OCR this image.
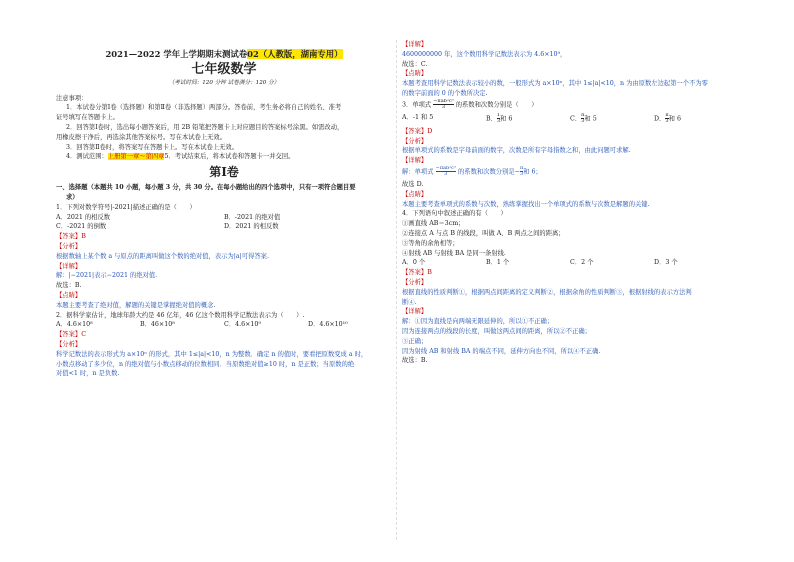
2021—2022 学年上学期期末测试卷02（人教版，湖南专用）
七年级数学
（考试时间：120 分钟 试卷满分：120 分）
注意事项：
1．本试卷分第Ⅰ卷（选择题）和第Ⅱ卷（非选择题）两部分。答卷前，考生务必将自己的姓名、准考
证号填写在答题卡上。
2．回答第Ⅰ卷时，选出每小题答案后，用 2B 铅笔把答题卡上对应题目的答案标号涂黑。如需改动，
用橡皮擦干净后，再选涂其他答案标号。写在本试卷上无效。
3．回答第Ⅱ卷时，将答案写在答题卡上。写在本试卷上无效。
4．测试范围：上册第一章～第四章5．考试结束后，将本试卷和答题卡一并交回。
第Ⅰ卷
一、选择题（本题共 10 小题，每小题 3 分，共 30 分。在每小题给出的四个选项中，只有一项符合题目要
求）
1．下列对数学符号|-2021|描述正确的是（　　）
A．2021 的相反数	B．-2021 的绝对值
C．-2021 的倒数	D．2021 的相反数
【答案】B
【分析】
根据数轴上某个数 a 与原点的距离叫做这个数的绝对值，表示为|a|可得答案.
【详解】
解：|−2021|表示−2021 的绝对值.
故选：B.
【点睛】
本题主要考查了绝对值，解题的关键是掌握绝对值的概念.
2．据科学家估计，地球年龄大约是 46 亿年，46 亿这个数用科学记数法表示为（　　）.
A．4.6×10⁸	B．46×10⁸	C．4.6×10⁹	D．4.6×10¹⁰
【答案】C
【分析】
科学记数法的表示形式为 a×10ⁿ 的形式，其中 1≤|a|<10，n 为整数．确定 n 的值时，要看把原数变成 a 时，
小数点移动了多少位，n 的绝对值与小数点移动的位数相同．当原数绝对值≥10 时，n 是正数；当原数的绝
对值<1 时，n 是负数.
【详解】
4600000000 年，这个数用科学记数法表示为 4.6×10⁹，
故选：C.
【点睛】
本题考查用科学记数法表示较小的数，一般形式为 a×10ⁿ，其中 1≤|a|<10，n 为由原数左边起第一个不为零
的数字前面的 0 的个数所决定.
3．单项式
−πab²c³
3	的系数和次数分别是（　　）
A．-1 和 5	B． $\frac{1}{3}$ 和 6	C． $\frac{\pi}{3}$ 和 5	D． $\frac{\pi}{3}$ 和 6
【答案】D
【分析】
根据单项式的系数是字母前面的数字，次数是所有字母指数之和，由此问题可求解.
【详解】
解：单项式
−πab²c³
3	的系数和次数分别是− $\frac{\pi}{3}$ 和 6；
故选 D.
【点睛】
本题主要考查单项式的系数与次数，熟练掌握找出一个单项式的系数与次数是解题的关键.
4．下列语句中叙述正确的有（　　）
①画直线 AB＝3cm；
②连接点 A 与点 B 的线段，叫做 A、B 两点之间的距离；
③等角的余角相等；
④射线 AB 与射线 BA 是同一条射线.
A．0 个	B．1 个	C．2 个	D．3 个
【答案】B
【分析】
根据直线的性质判断①，根据两点间距离的定义判断②，根据余角的性质判断③，根据射线的表示方法判
断④.
【详解】
解：①因为直线是向两端无限延伸的，所以①不正确；
因为连接两点的线段的长度，叫做这两点间的距离，所以②不正确；
③正确；
因为射线 AB 和射线 BA 的端点不同，延伸方向也不同，所以④不正确.
故选：B.
